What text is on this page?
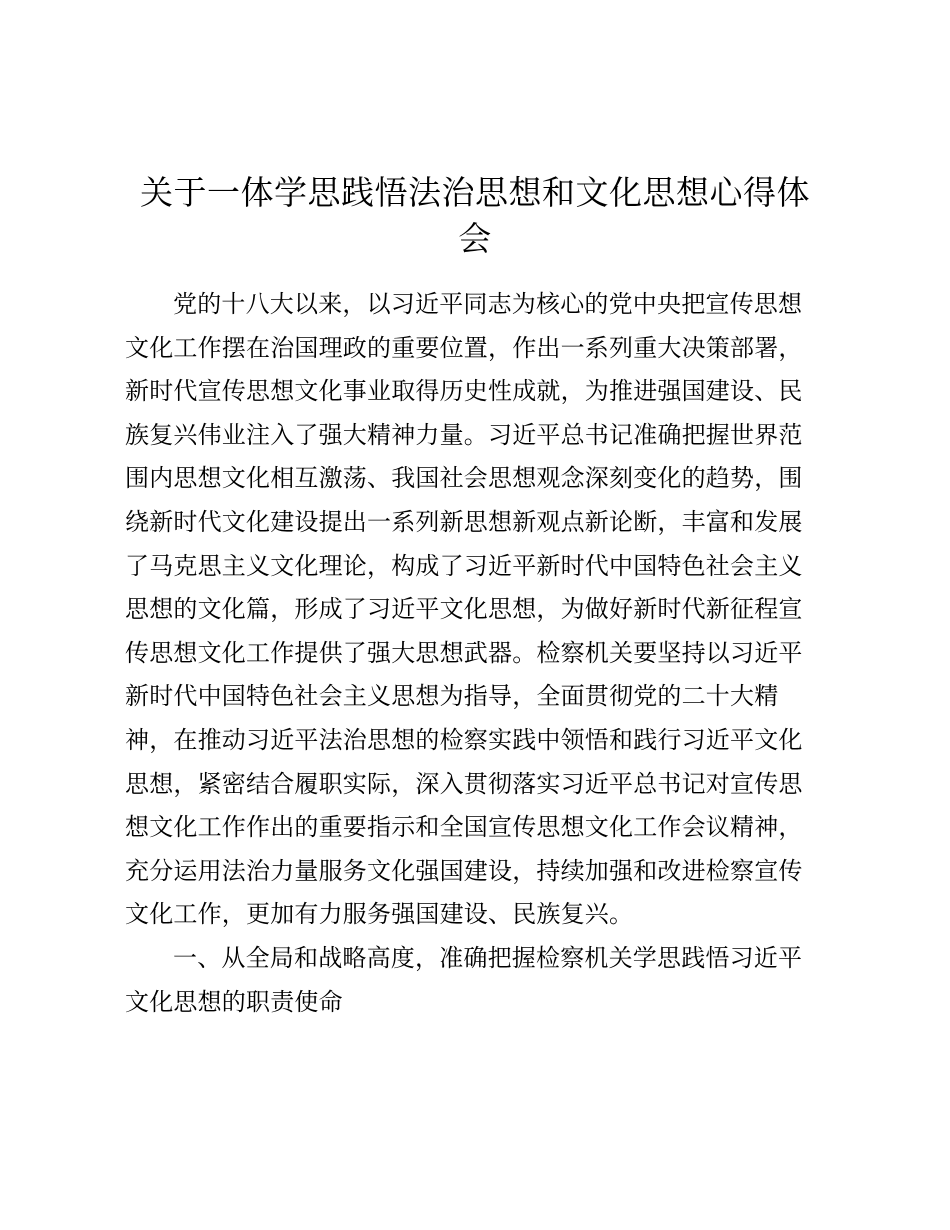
关于一体学思践悟法治思想和文化思想心得体
会
党的十八大以来，以习近平同志为核心的党中央把宣传思想
文化工作摆在治国理政的重要位置，作出一系列重大决策部署，
新时代宣传思想文化事业取得历史性成就，为推进强国建设、民
族复兴伟业注入了强大精神力量。习近平总书记准确把握世界范
围内思想文化相互激荡、我国社会思想观念深刻变化的趋势，围
绕新时代文化建设提出一系列新思想新观点新论断，丰富和发展
了马克思主义文化理论，构成了习近平新时代中国特色社会主义
思想的文化篇，形成了习近平文化思想，为做好新时代新征程宣
传思想文化工作提供了强大思想武器。检察机关要坚持以习近平
新时代中国特色社会主义思想为指导，全面贯彻党的二十大精
神，在推动习近平法治思想的检察实践中领悟和践行习近平文化
思想，紧密结合履职实际，深入贯彻落实习近平总书记对宣传思
想文化工作作出的重要指示和全国宣传思想文化工作会议精神，
充分运用法治力量服务文化强国建设，持续加强和改进检察宣传
文化工作，更加有力服务强国建设、民族复兴。
一、从全局和战略高度，准确把握检察机关学思践悟习近平
文化思想的职责使命
